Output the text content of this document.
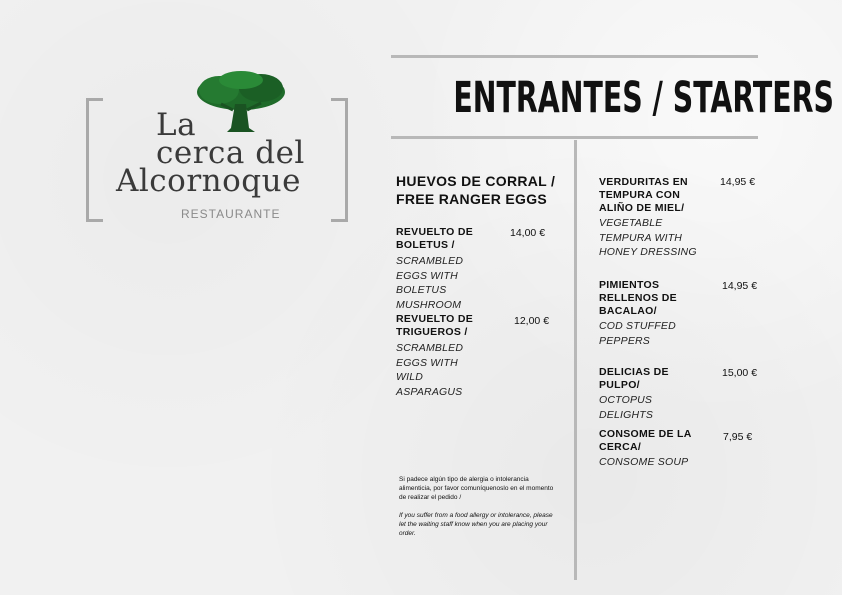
La
cerca del
Alcornoque
RESTAURANTE
ENTRANTES / STARTERS
HUEVOS DE CORRAL / FREE RANGER EGGS
REVUELTO DE BOLETUS /
SCRAMBLED EGGS WITH BOLETUS MUSHROOM
14,00 €
REVUELTO DE TRIGUEROS /
SCRAMBLED EGGS WITH WILD ASPARAGUS
12,00 €
VERDURITAS EN TEMPURA CON ALIÑO DE MIEL/
VEGETABLE TEMPURA WITH HONEY DRESSING
14,95 €
PIMIENTOS RELLENOS DE BACALAO/
COD STUFFED PEPPERS
14,95 €
DELICIAS DE PULPO/
OCTOPUS DELIGHTS
15,00 €
CONSOME DE LA CERCA/
CONSOME SOUP
7,95 €

Si padece algún tipo de alergia o intolerancia alimenticia, por favor comuníquenoslo en el momento de realizar el pedido /

If you suffer from a food allergy or intolerance, please let the waiting staff know when you are placing your order.
